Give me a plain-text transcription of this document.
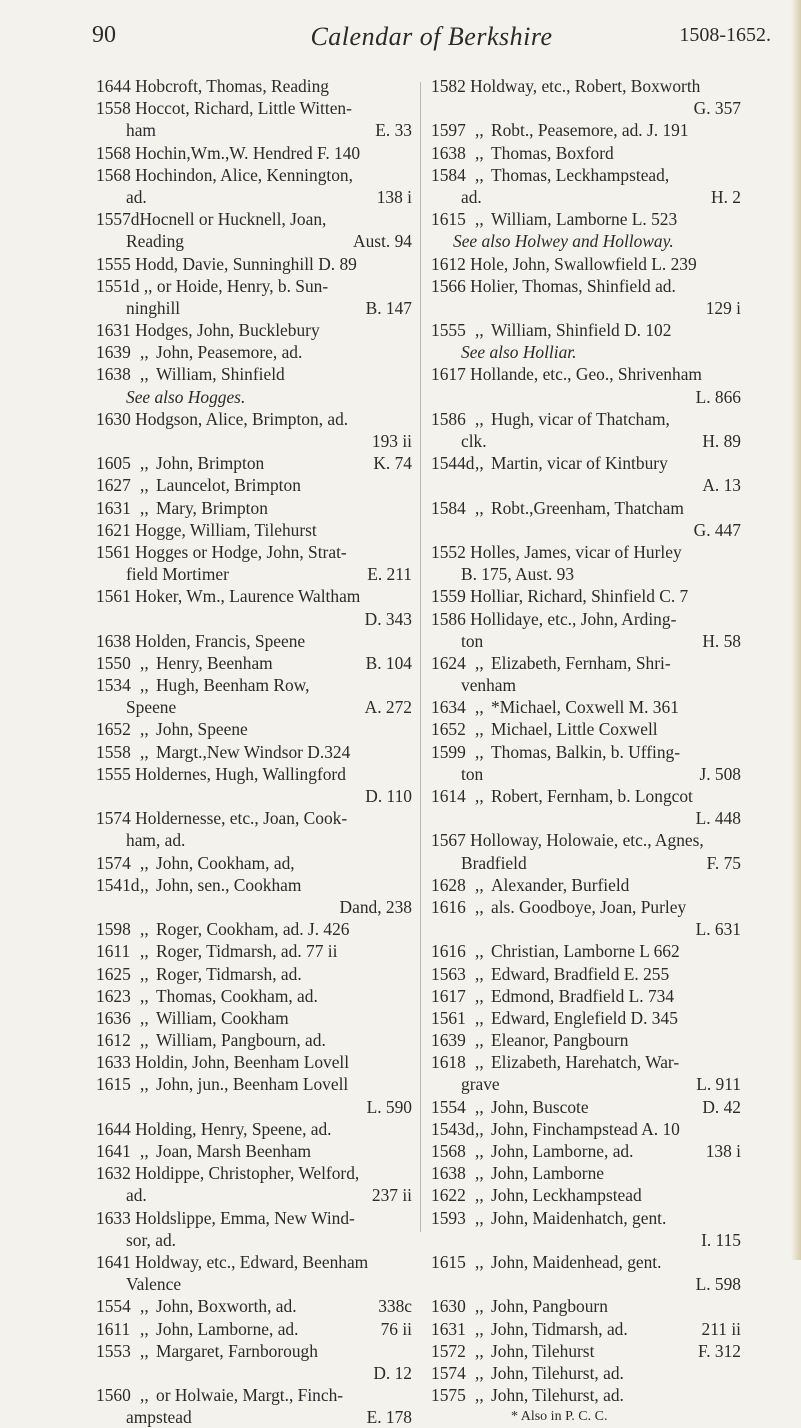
90	Calendar of Berkshire	1508-1652.
1644 Hobcroft, Thomas, Reading
1558 Hoccot, Richard, Little Witten-
ham	E. 33
1568 Hochin,Wm.,W. Hendred F. 140
1568 Hochindon, Alice, Kennington,
ad.	138 i
1557dHocnell or Hucknell, Joan,
Reading	Aust. 94
1555 Hodd, Davie, Sunninghill D. 89
1551d ,, or Hoide, Henry, b. Sun-
ninghill	B. 147
1631 Hodges, John, Bucklebury
1639 ,, John, Peasemore, ad.
1638 ,, William, Shinfield
See also Hogges.
1630 Hodgson, Alice, Brimpton, ad.
193 ii
1605 ,, John, Brimpton	K. 74
1627 ,, Launcelot, Brimpton
1631 ,, Mary, Brimpton
1621 Hogge, William, Tilehurst
1561 Hogges or Hodge, John, Strat-
field Mortimer	E. 211
1561 Hoker, Wm., Laurence Waltham
D. 343
1638 Holden, Francis, Speene
1550 ,, Henry, Beenham	B. 104
1534 ,, Hugh, Beenham Row,
Speene	A. 272
1652 ,, John, Speene
1558 ,, Margt.,New Windsor D.324
1555 Holdernes, Hugh, Wallingford
D. 110
1574 Holdernesse, etc., Joan, Cook-
ham, ad.
1574 ,, John, Cookham, ad,
1541d ,, John, sen., Cookham
Dand, 238
1598 ,, Roger, Cookham, ad. J. 426
1611 ,, Roger, Tidmarsh, ad. 77 ii
1625 ,, Roger, Tidmarsh, ad.
1623 ,, Thomas, Cookham, ad.
1636 ,, William, Cookham
1612 ,, William, Pangbourn, ad.
1633 Holdin, John, Beenham Lovell
1615 ,, John, jun., Beenham Lovell
L. 590
1644 Holding, Henry, Speene, ad.
1641 ,, Joan, Marsh Beenham
1632 Holdippe, Christopher, Welford,
ad.	237 ii
1633 Holdslippe, Emma, New Wind-
sor, ad.
1641 Holdway, etc., Edward, Beenham
Valence
1554 ,, John, Boxworth, ad.	338c
1611 ,, John, Lamborne, ad.	76 ii
1553 ,, Margaret, Farnborough
D. 12
1560 ,, or Holwaie, Margt., Finch-
ampstead	E. 178
1582 Holdway, etc., Robert, Boxworth
G. 357
1597 ,, Robt., Peasemore, ad. J. 191
1638 ,, Thomas, Boxford
1584 ,, Thomas, Leckhampstead,
ad.	H. 2
1615 ,, William, Lamborne L. 523
See also Holwey and Holloway.
1612 Hole, John, Swallowfield L. 239
1566 Holier, Thomas, Shinfield ad.
129 i
1555 ,, William, Shinfield D. 102
See also Holliar.
1617 Hollande, etc., Geo., Shrivenham
L. 866
1586 ,, Hugh, vicar of Thatcham,
clk.	H. 89
1544d ,, Martin, vicar of Kintbury
A. 13
1584 ,, Robt.,Greenham, Thatcham
G. 447
1552 Holles, James, vicar of Hurley
B. 175, Aust. 93
1559 Holliar, Richard, Shinfield C. 7
1586 Hollidaye, etc., John, Arding-
ton	H. 58
1624 ,, Elizabeth, Fernham, Shri-
venham
1634 ,, *Michael, Coxwell M. 361
1652 ,, Michael, Little Coxwell
1599 ,, Thomas, Balkin, b. Uffing-
ton	J. 508
1614 ,, Robert, Fernham, b. Longcot
L. 448
1567 Holloway, Holowaie, etc., Agnes,
Bradfield	F. 75
1628 ,, Alexander, Burfield
1616 ,, als. Goodboye, Joan, Purley
L. 631
1616 ,, Christian, Lamborne L 662
1563 ,, Edward, Bradfield E. 255
1617 ,, Edmond, Bradfield L. 734
1561 ,, Edward, Englefield D. 345
1639 ,, Eleanor, Pangbourn
1618 ,, Elizabeth, Harehatch, War-
grave	L. 911
1554 ,, John, Buscote	D. 42
1543d ,, John, Finchampstead A. 10
1568 ,, John, Lamborne, ad.	138 i
1638 ,, John, Lamborne
1622 ,, John, Leckhampstead
1593 ,, John, Maidenhatch, gent.
I. 115
1615 ,, John, Maidenhead, gent.
L. 598
1630 ,, John, Pangbourn
1631 ,, John, Tidmarsh, ad.	211 ii
1572 ,, John, Tilehurst	F. 312
1574 ,, John, Tilehurst, ad.
1575 ,, John, Tilehurst, ad.
* Also in P. C. C.
